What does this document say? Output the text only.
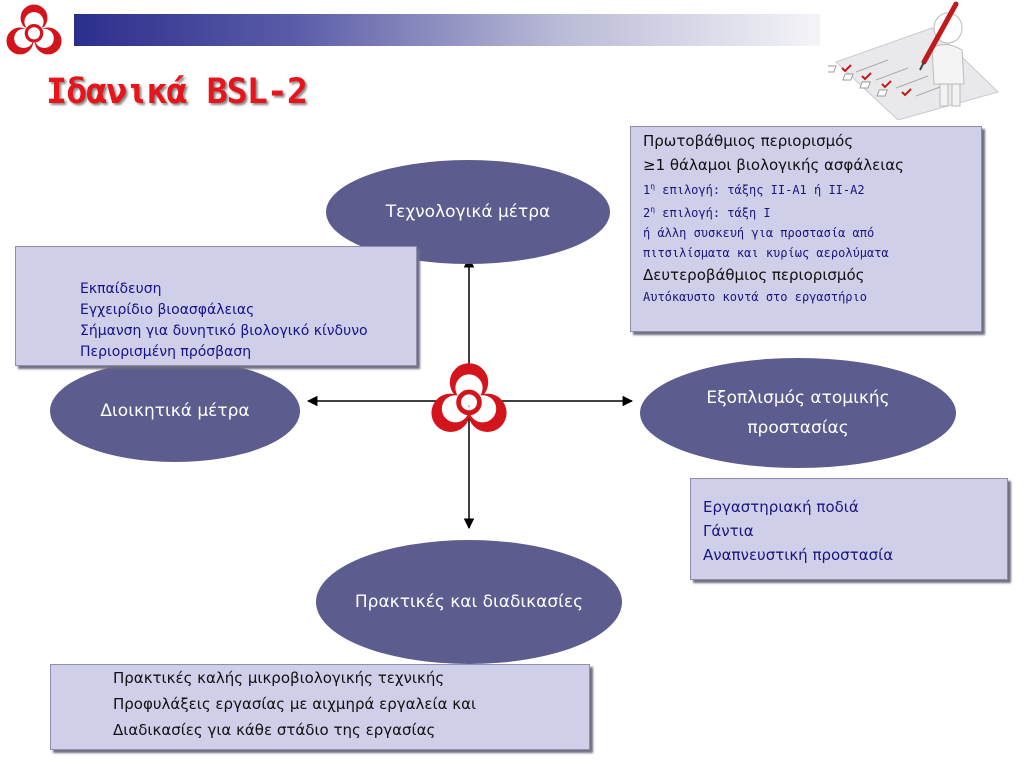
Ιδανικά BSL-2
Τεχνολογικά μέτρα
Διοικητικά μέτρα
Εξοπλισμός ατομικής
προστασίας
Πρακτικές και διαδικασίες
Εκπαίδευση
Εγχειρίδιο βιοασφάλειας
Σήμανση για δυνητικό βιολογικό κίνδυνο
Περιορισμένη πρόσβαση
Πρωτοβάθμιος περιορισμός
≥1 θάλαμοι βιολογικής ασφάλειας
$1^\eta$ επιλογή: τάξης ΙΙ-Α1 ή ΙΙ-Α2
$2^\eta$ επιλογή: τάξη Ι
ή άλλη συσκευή για προστασία από
πιτσιλίσματα και κυρίως αερολύματα
Δευτεροβάθμιος περιορισμός
Αυτόκαυστο κοντά στο εργαστήριο
Εργαστηριακή ποδιά
Γάντια
Αναπνευστική προστασία
Πρακτικές καλής μικροβιολογικής τεχνικής
Προφυλάξεις εργασίας με αιχμηρά εργαλεία και
Διαδικασίες για κάθε στάδιο της εργασίας
